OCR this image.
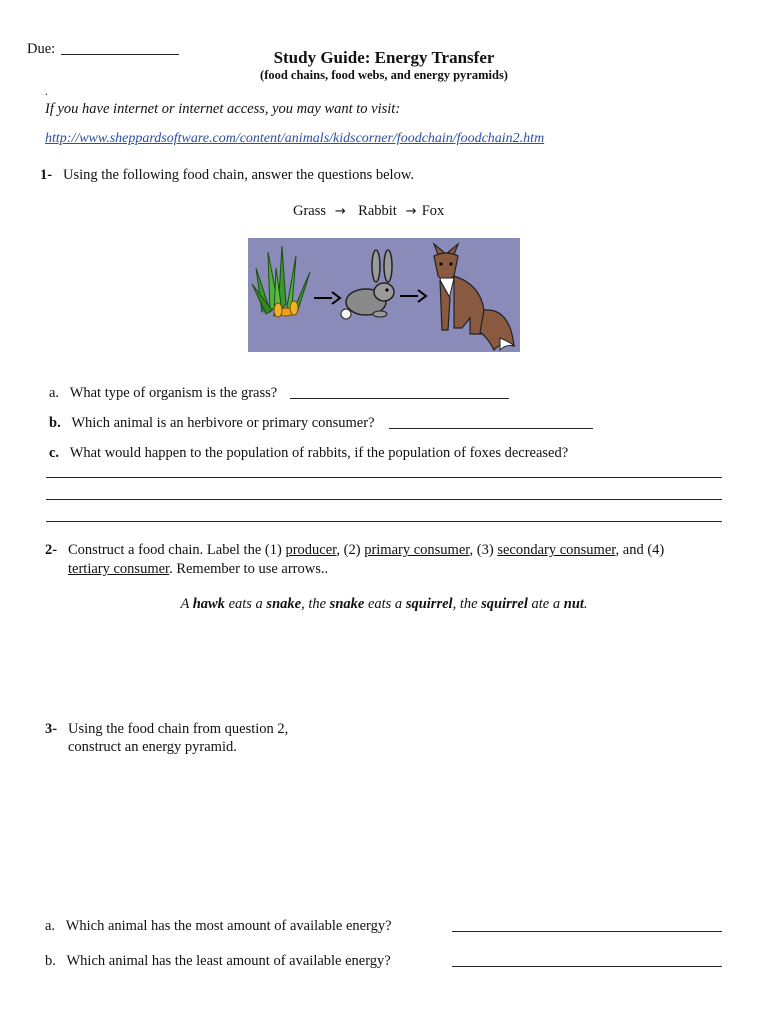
Due:	Study Guide: Energy Transfer
(food chains, food webs, and energy pyramids)
.
If you have internet or internet access, you may want to visit:
http://www.sheppardsoftware.com/content/animals/kidscorner/foodchain/foodchain2.htm
1- Using the following food chain, answer the questions below.
Grass → Rabbit → Fox
a. What type of organism is the grass?
b. Which animal is an herbivore or primary consumer?
c. What would happen to the population of rabbits, if the population of foxes decreased?
2- Construct a food chain. Label the (1) producer, (2) primary consumer, (3) secondary consumer, and (4)
tertiary consumer. Remember to use arrows..
A hawk eats a snake, the snake eats a squirrel, the squirrel ate a nut.
3- Using the food chain from question 2,
construct an energy pyramid.
a. Which animal has the most amount of available energy?
b. Which animal has the least amount of available energy?
